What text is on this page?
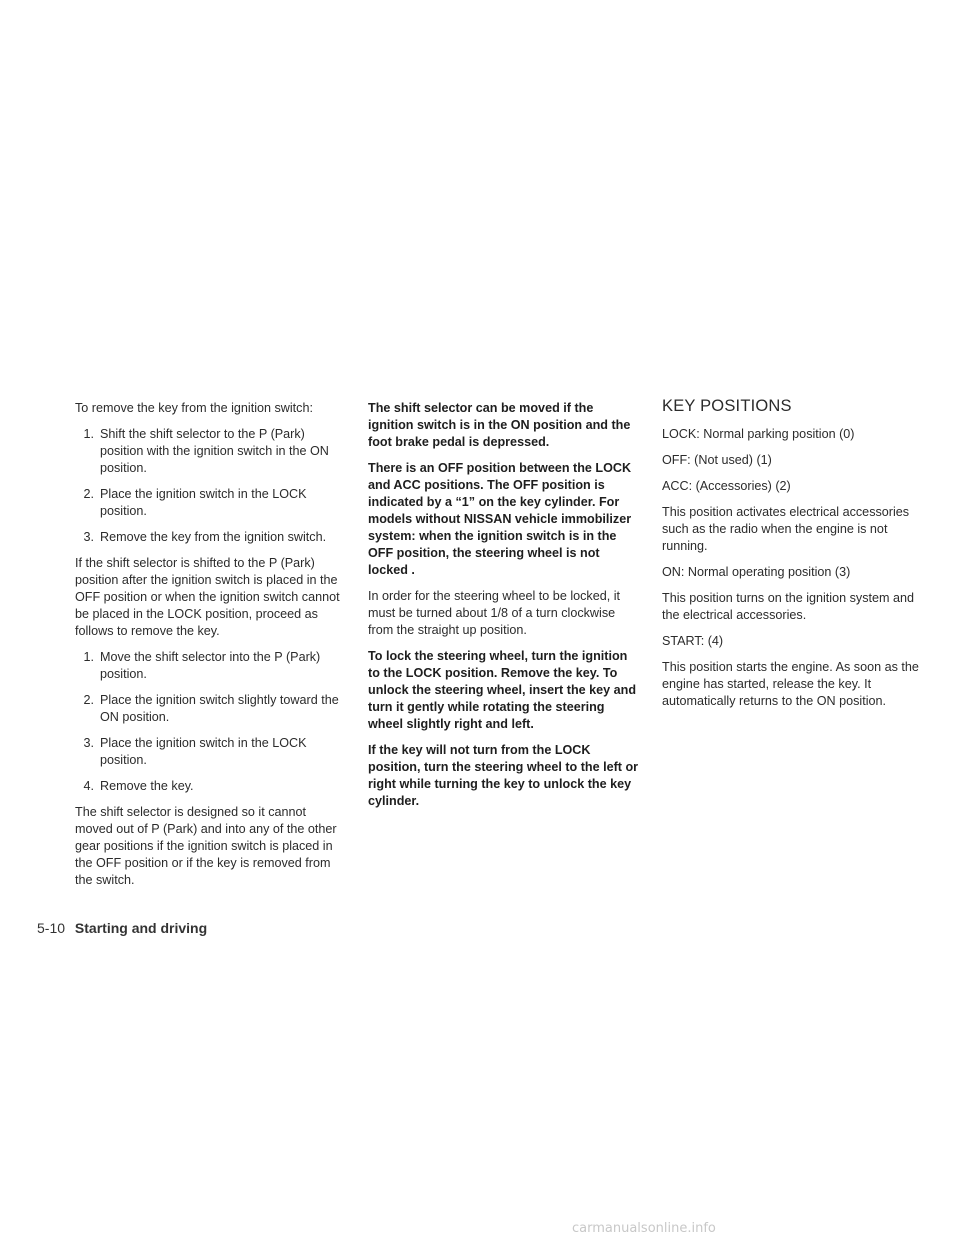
To remove the key from the ignition switch:

1. Shift the shift selector to the P (Park) position with the ignition switch in the ON position.
2. Place the ignition switch in the LOCK position.
3. Remove the key from the ignition switch.

If the shift selector is shifted to the P (Park) position after the ignition switch is placed in the OFF position or when the ignition switch cannot be placed in the LOCK position, proceed as follows to remove the key.

1. Move the shift selector into the P (Park) position.
2. Place the ignition switch slightly toward the ON position.
3. Place the ignition switch in the LOCK position.
4. Remove the key.

The shift selector is designed so it cannot moved out of P (Park) and into any of the other gear positions if the ignition switch is placed in the OFF position or if the key is removed from the switch.

The shift selector can be moved if the ignition switch is in the ON position and the foot brake pedal is depressed.

There is an OFF position between the LOCK and ACC positions. The OFF position is indicated by a “1” on the key cylinder. For models without NISSAN vehicle immobilizer system: when the ignition switch is in the OFF position, the steering wheel is not locked .

In order for the steering wheel to be locked, it must be turned about 1/8 of a turn clockwise from the straight up position.

To lock the steering wheel, turn the ignition to the LOCK position. Remove the key. To unlock the steering wheel, insert the key and turn it gently while rotating the steering wheel slightly right and left.

If the key will not turn from the LOCK position, turn the steering wheel to the left or right while turning the key to unlock the key cylinder.

KEY POSITIONS

LOCK: Normal parking position (0)

OFF: (Not used) (1)

ACC: (Accessories) (2)

This position activates electrical accessories such as the radio when the engine is not running.

ON: Normal operating position (3)

This position turns on the ignition system and the electrical accessories.

START: (4)

This position starts the engine. As soon as the engine has started, release the key. It automatically returns to the ON position.

5-10 Starting and driving
carmanualsonline.info
